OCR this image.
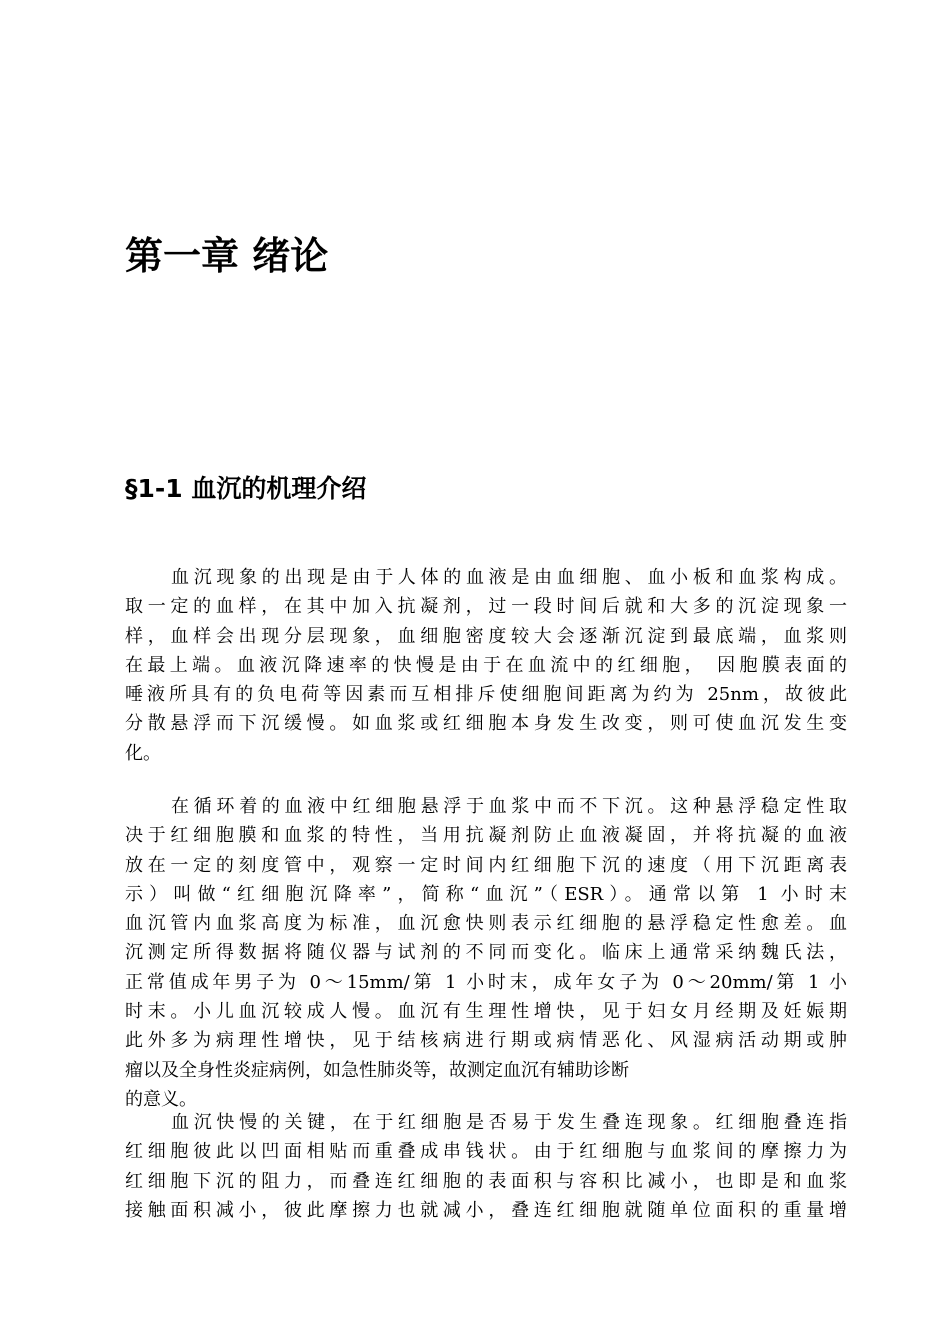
第一章 绪论
§1-1 血沉的机理介绍
血沉现象的出现是由于人体的血液是由血细胞、血小板和血浆构成。
取一定的血样，在其中加入抗凝剂，过一段时间后就和大多的沉淀现象一
样，血样会出现分层现象，血细胞密度较大会逐渐沉淀到最底端，血浆则
在最上端。血液沉降速率的快慢是由于在血流中的红细胞， 因胞膜表面的
唾液所具有的负电荷等因素而互相排斥使细胞间距离为约为 25nm，故彼此
分散悬浮而下沉缓慢。如血浆或红细胞本身发生改变，则可使血沉发生变
化。
在循环着的血液中红细胞悬浮于血浆中而不下沉。这种悬浮稳定性取
决于红细胞膜和血浆的特性，当用抗凝剂防止血液凝固，并将抗凝的血液
放在一定的刻度管中，观察一定时间内红细胞下沉的速度（用下沉距离表
示）叫做“红细胞沉降率”，简称“血沉”（ESR）。通常以第 1 小时末
血沉管内血浆高度为标准，血沉愈快则表示红细胞的悬浮稳定性愈差。血
沉测定所得数据将随仪器与试剂的不同而变化。临床上通常采纳魏氏法，
正常值成年男子为 0～15mm/第 1 小时末，成年女子为 0～20mm/第 1 小
时末。小儿血沉较成人慢。血沉有生理性增快，见于妇女月经期及妊娠期
此外多为病理性增快，见于结核病进行期或病情恶化、风湿病活动期或肿
瘤以及全身性炎症病例，如急性肺炎等，故测定血沉有辅助诊断
的意义。
血沉快慢的关键，在于红细胞是否易于发生叠连现象。红细胞叠连指
红细胞彼此以凹面相贴而重叠成串钱状。由于红细胞与血浆间的摩擦力为
红细胞下沉的阻力，而叠连红细胞的表面积与容积比减小，也即是和血浆
接触面积减小，彼此摩擦力也就减小，叠连红细胞就随单位面积的重量增
